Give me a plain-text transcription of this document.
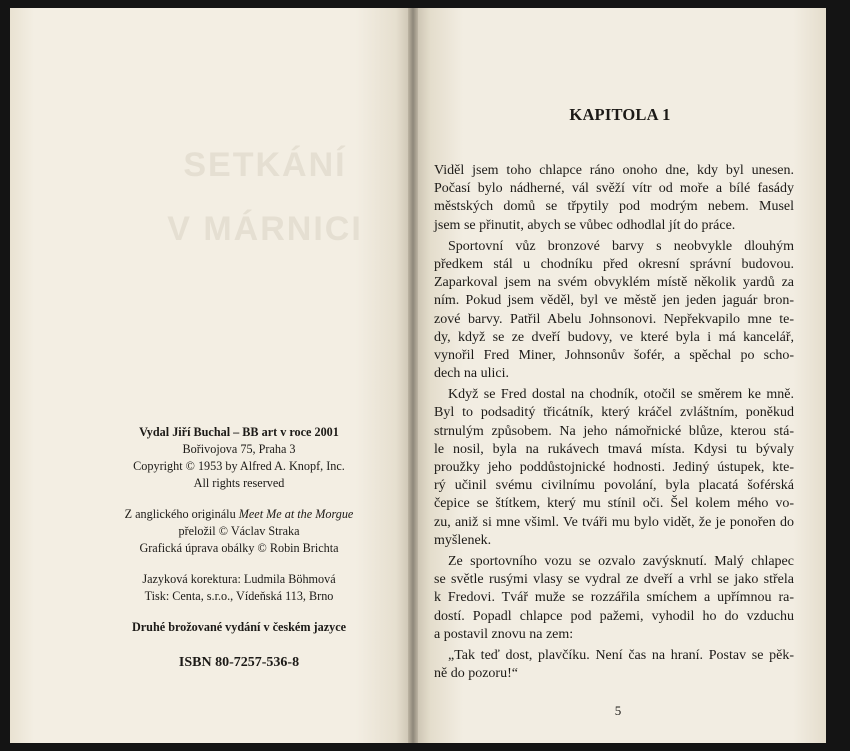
SETKÁNÍ
V MÁRNICI
Vydal Jiří Buchal – BB art v roce 2001
Bořivojova 75, Praha 3
Copyright © 1953 by Alfred A. Knopf, Inc.
All rights reserved
Z anglického originálu Meet Me at the Morgue
přeložil © Václav Straka
Grafická úprava obálky © Robin Brichta
Jazyková korektura: Ludmila Böhmová
Tisk: Centa, s.r.o., Vídeňská 113, Brno
Druhé brožované vydání v českém jazyce
ISBN 80-7257-536-8
KAPITOLA 1
Viděl jsem toho chlapce ráno onoho dne, kdy byl unesen.
Počasí bylo nádherné, vál svěží vítr od moře a bílé fasády
městských domů se třpytily pod modrým nebem. Musel
jsem se přinutit, abych se vůbec odhodlal jít do práce.
Sportovní vůz bronzové barvy s neobvykle dlouhým
předkem stál u chodníku před okresní správní budovou.
Zaparkoval jsem na svém obvyklém místě několik yardů za
ním. Pokud jsem věděl, byl ve městě jen jeden jaguár bron-
zové barvy. Patřil Abelu Johnsonovi. Nepřekvapilo mne te-
dy, když se ze dveří budovy, ve které byla i má kancelář,
vynořil Fred Miner, Johnsonův šofér, a spěchal po scho-
dech na ulici.
Když se Fred dostal na chodník, otočil se směrem ke mně.
Byl to podsaditý třicátník, který kráčel zvláštním, poněkud
strnulým způsobem. Na jeho námořnické blůze, kterou stá-
le nosil, byla na rukávech tmavá místa. Kdysi tu bývaly
proužky jeho poddůstojnické hodnosti. Jediný ústupek, kte-
rý učinil svému civilnímu povolání, byla placatá šoférská
čepice se štítkem, který mu stínil oči. Šel kolem mého vo-
zu, aniž si mne všiml. Ve tváři mu bylo vidět, že je ponořen do myšlenek.
Ze sportovního vozu se ozvalo zavýsknutí. Malý chlapec
se světle rusými vlasy se vydral ze dveří a vrhl se jako střela
k Fredovi. Tvář muže se rozzářila smíchem a upřímnou ra-
dostí. Popadl chlapce pod pažemi, vyhodil ho do vzduchu
a postavil znovu na zem:
„Tak teď dost, plavčíku. Není čas na hraní. Postav se pěk-
ně do pozoru!“
5
